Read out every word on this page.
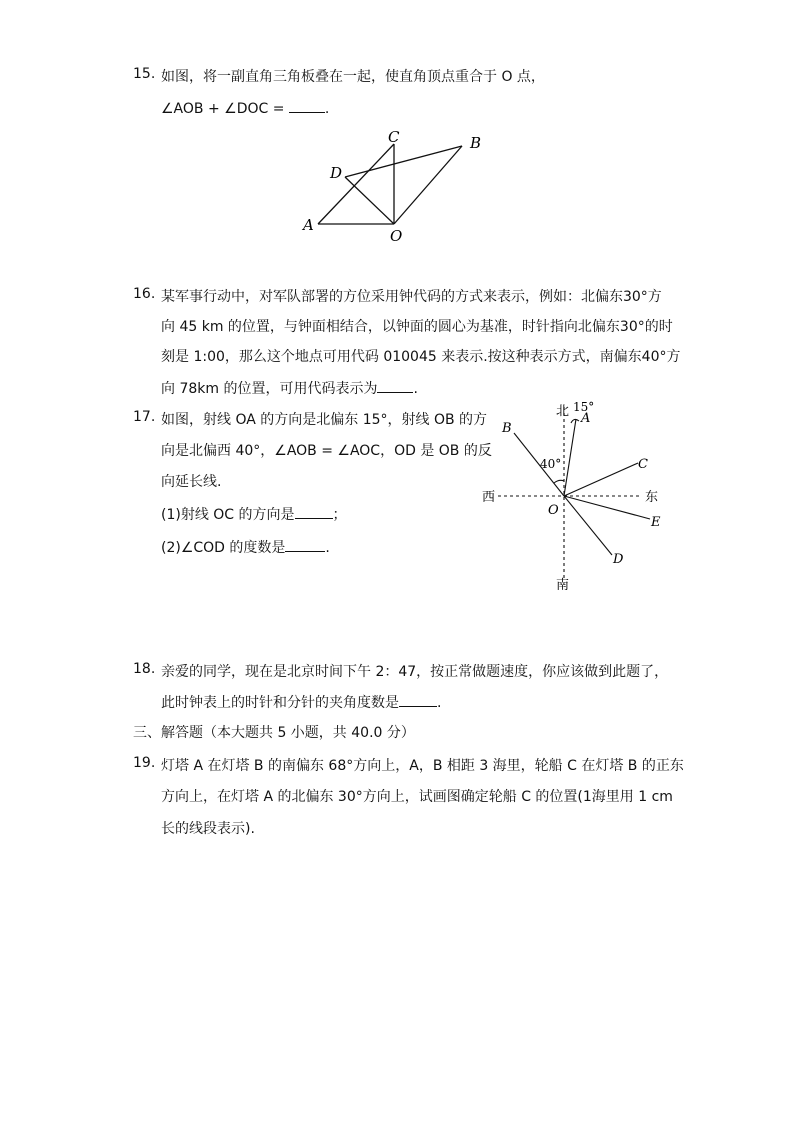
15. 如图，将一副直角三角板叠在一起，使直角顶点重合于 O 点，
∠AOB + ∠DOC =	.
A
C	B
D
O
16. 某军事行动中，对军队部署的方位采用钟代码的方式来表示，例如：北偏东30°方
向 45 km 的位置，与钟面相结合，以钟面的圆心为基准，时针指向北偏东30°的时
刻是 1:00，那么这个地点可用代码 010045 来表示.按这种表示方式，南偏东40°方
向 78km 的位置，可用代码表示为	.
17. 如图，射线 OA 的方向是北偏东 15°，射线 OB 的方
向是北偏西 40°，∠AOB = ∠AOC，OD 是 OB 的反
向延长线.
(1)射线 OC 的方向是	；
(2)∠COD 的度数是	.
北
南
东
西
15°
40°
A
B
C
D
E
O
18. 亲爱的同学，现在是北京时间下午 2：47，按正常做题速度，你应该做到此题了，
此时钟表上的时针和分针的夹角度数是	.
三、解答题（本大题共 5 小题，共 40.0 分）
19. 灯塔 A 在灯塔 B 的南偏东 68°方向上，A，B 相距 3 海里，轮船 C 在灯塔 B 的正东
方向上，在灯塔 A 的北偏东 30°方向上，试画图确定轮船 C 的位置(1海里用 1 cm
长的线段表示).
